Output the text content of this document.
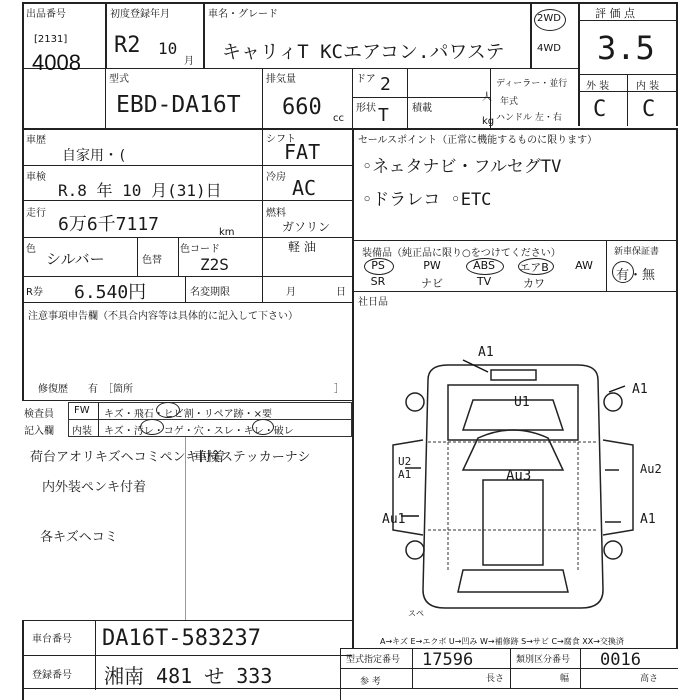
出品番号
[2131]
4008
初度登録年月
R2 10
月
車名・グレード
キャリィT KCエアコン.パワステ
2WD
4WD
評 価 点
3.5
外 装	内 装
C C
型式
EBD-DA16T
排気量
660 cc
ドア 2
人
形状 T 積載
kg
ディーラー・並行
年式
ハンドル 左・右
車歴
自家用・(
シフト
FAT
車検
R.8 年 10 月(31)日
冷房 AC
走行
6万6千7117	km
燃料
ガソリン
軽 油
色
シルバー	色替
色コード
Z2S
R券 6.540円	名変期限	月	日
注意事項申告欄（不具合内容等は具体的に記入して下さい）
修復歴　　有　［箇所	］
セールスポイント（正常に機能するものに限ります）
◦ネェタナビ・フルセグTV
◦ドラレコ ◦ETC
装備品（純正品に限り○をつけてください）	新車保証書
有・無
PS	PW	ABS	エアB	AW
SR	ナビ	TV	カワ
社日品
検査員
記入欄
FW キズ・飛石・ヒビ割・リペア跡・×要
内装 キズ・汚レ・コゲ・穴・スレ・キレ・破レ
荷台アオリキズヘコミペンキ付着
内外装ペンキ付着
各キズヘコミ
車検ステッカーナシ
A1
U1
A1
U2 A1	Au3	Au2
Au1	A1
スペ
A→キズ E→エクボ U→凹み W→補修跡 S→サビ C→腐食 XX→交換済
車台番号 DA16T-583237
登録番号 湘南 481 せ 333
型式指定番号 17596	類別区分番号 0016
参 考	長さ	幅	高さ
